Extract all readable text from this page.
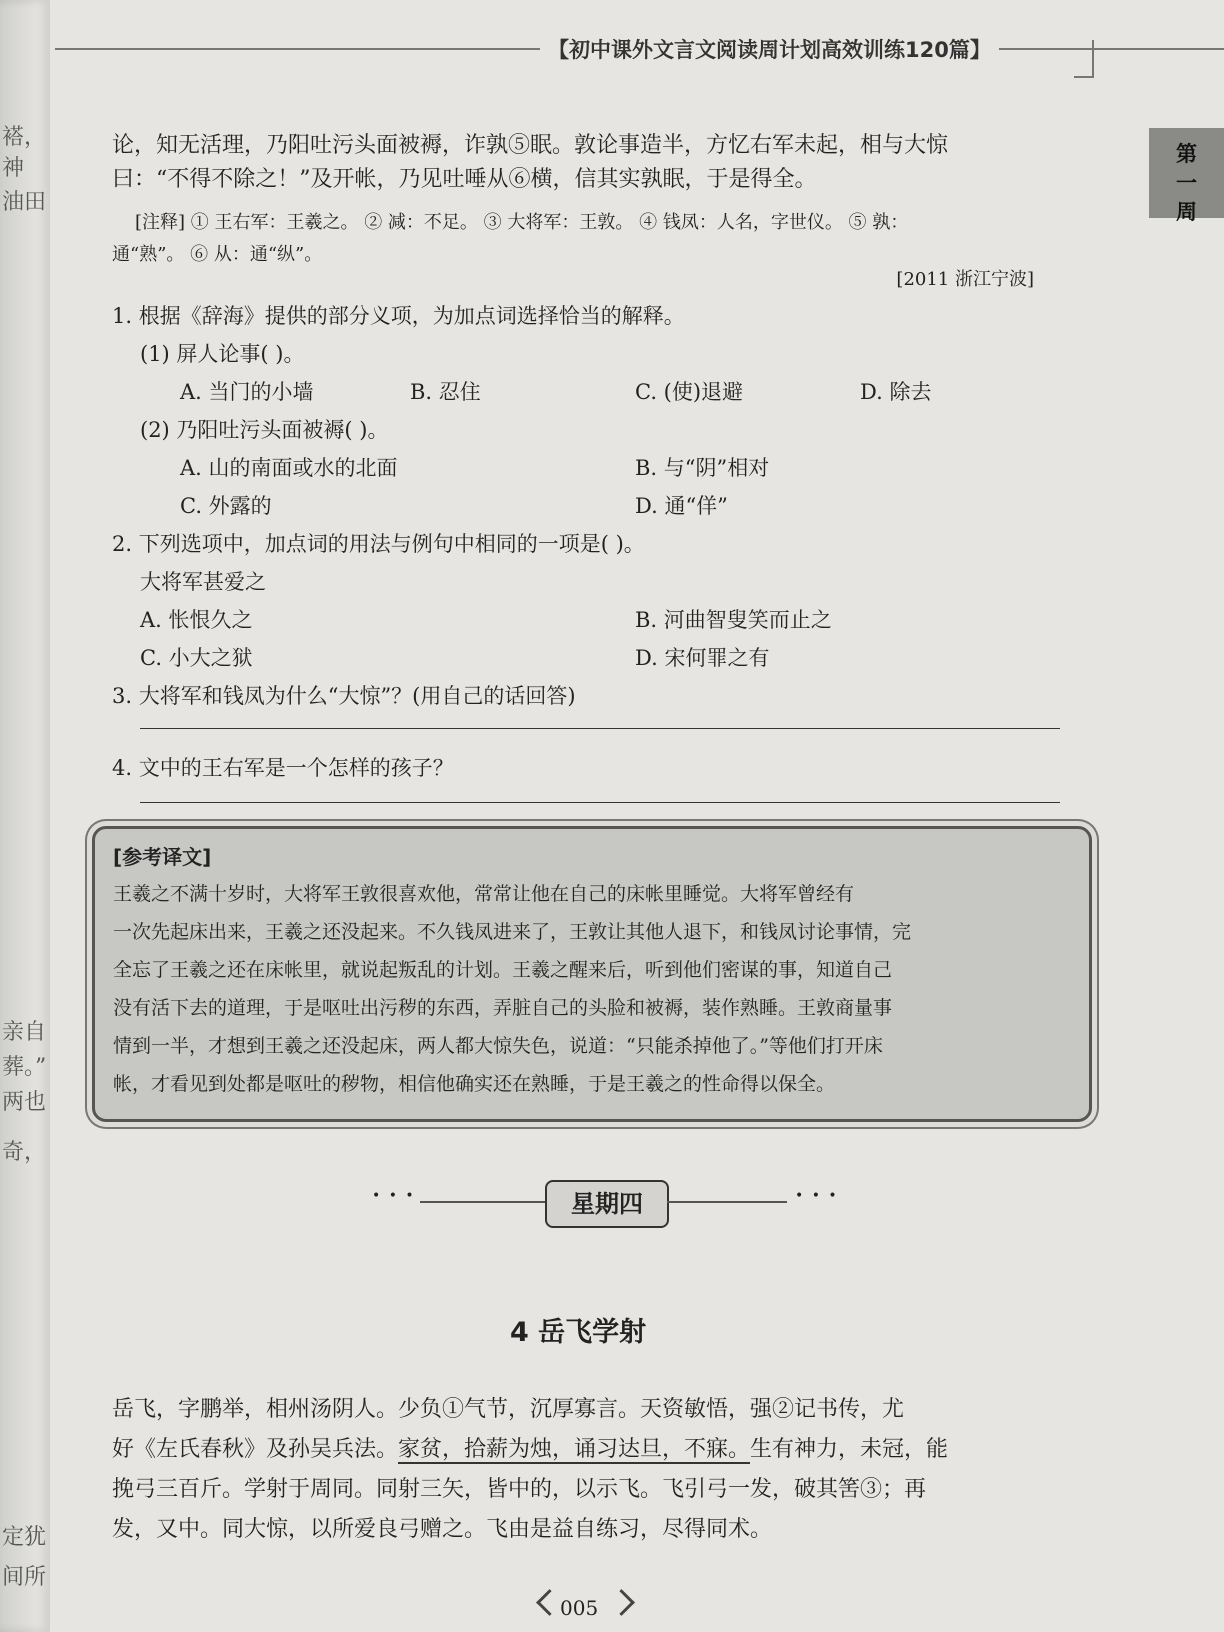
褡，神
油田
亲自
葬。”
两也
奇，
定犹
间所
【初中课外文言文阅读周计划高效训练120篇】
第
一
周
论，知无活理，乃阳吐污头面被褥，诈孰⑤眠。敦论事造半，方忆右军未起，相与大惊
曰：“不得不除之！”及开帐，乃见吐唾从⑥横，信其实孰眠，于是得全。
[注释] ① 王右军：王羲之。 ② 减：不足。 ③ 大将军：王敦。 ④ 钱凤：人名，字世仪。 ⑤ 孰：
通“熟”。 ⑥ 从：通“纵”。
[2011 浙江宁波]
1. 根据《辞海》提供的部分义项，为加点词选择恰当的解释。
(1) 屏人论事( )。
A. 当门的小墙	B. 忍住	C. (使)退避	D. 除去
(2) 乃阳吐污头面被褥( )。
A. 山的南面或水的北面	B. 与“阴”相对
C. 外露的	D. 通“佯”
2. 下列选项中，加点词的用法与例句中相同的一项是( )。
大将军甚爱之
A. 怅恨久之	B. 河曲智叟笑而止之
C. 小大之狱	D. 宋何罪之有
3. 大将军和钱凤为什么“大惊”？(用自己的话回答)
4. 文中的王右军是一个怎样的孩子？
[参考译文]
王羲之不满十岁时，大将军王敦很喜欢他，常常让他在自己的床帐里睡觉。大将军曾经有
一次先起床出来，王羲之还没起来。不久钱凤进来了，王敦让其他人退下，和钱凤讨论事情，完
全忘了王羲之还在床帐里，就说起叛乱的计划。王羲之醒来后，听到他们密谋的事，知道自己
没有活下去的道理，于是呕吐出污秽的东西，弄脏自己的头脸和被褥，装作熟睡。王敦商量事
情到一半，才想到王羲之还没起床，两人都大惊失色，说道：“只能杀掉他了。”等他们打开床
帐，才看见到处都是呕吐的秽物，相信他确实还在熟睡，于是王羲之的性命得以保全。
• • •	星期四	• • •
4 岳飞学射
岳飞，字鹏举，相州汤阴人。少负①气节，沉厚寡言。天资敏悟，强②记书传，尤
好《左氏春秋》及孙吴兵法。家贫，拾薪为烛，诵习达旦，不寐。生有神力，未冠，能
挽弓三百斤。学射于周同。同射三矢，皆中的，以示飞。飞引弓一发，破其筈③；再
发，又中。同大惊，以所爱良弓赠之。飞由是益自练习，尽得同术。
005
